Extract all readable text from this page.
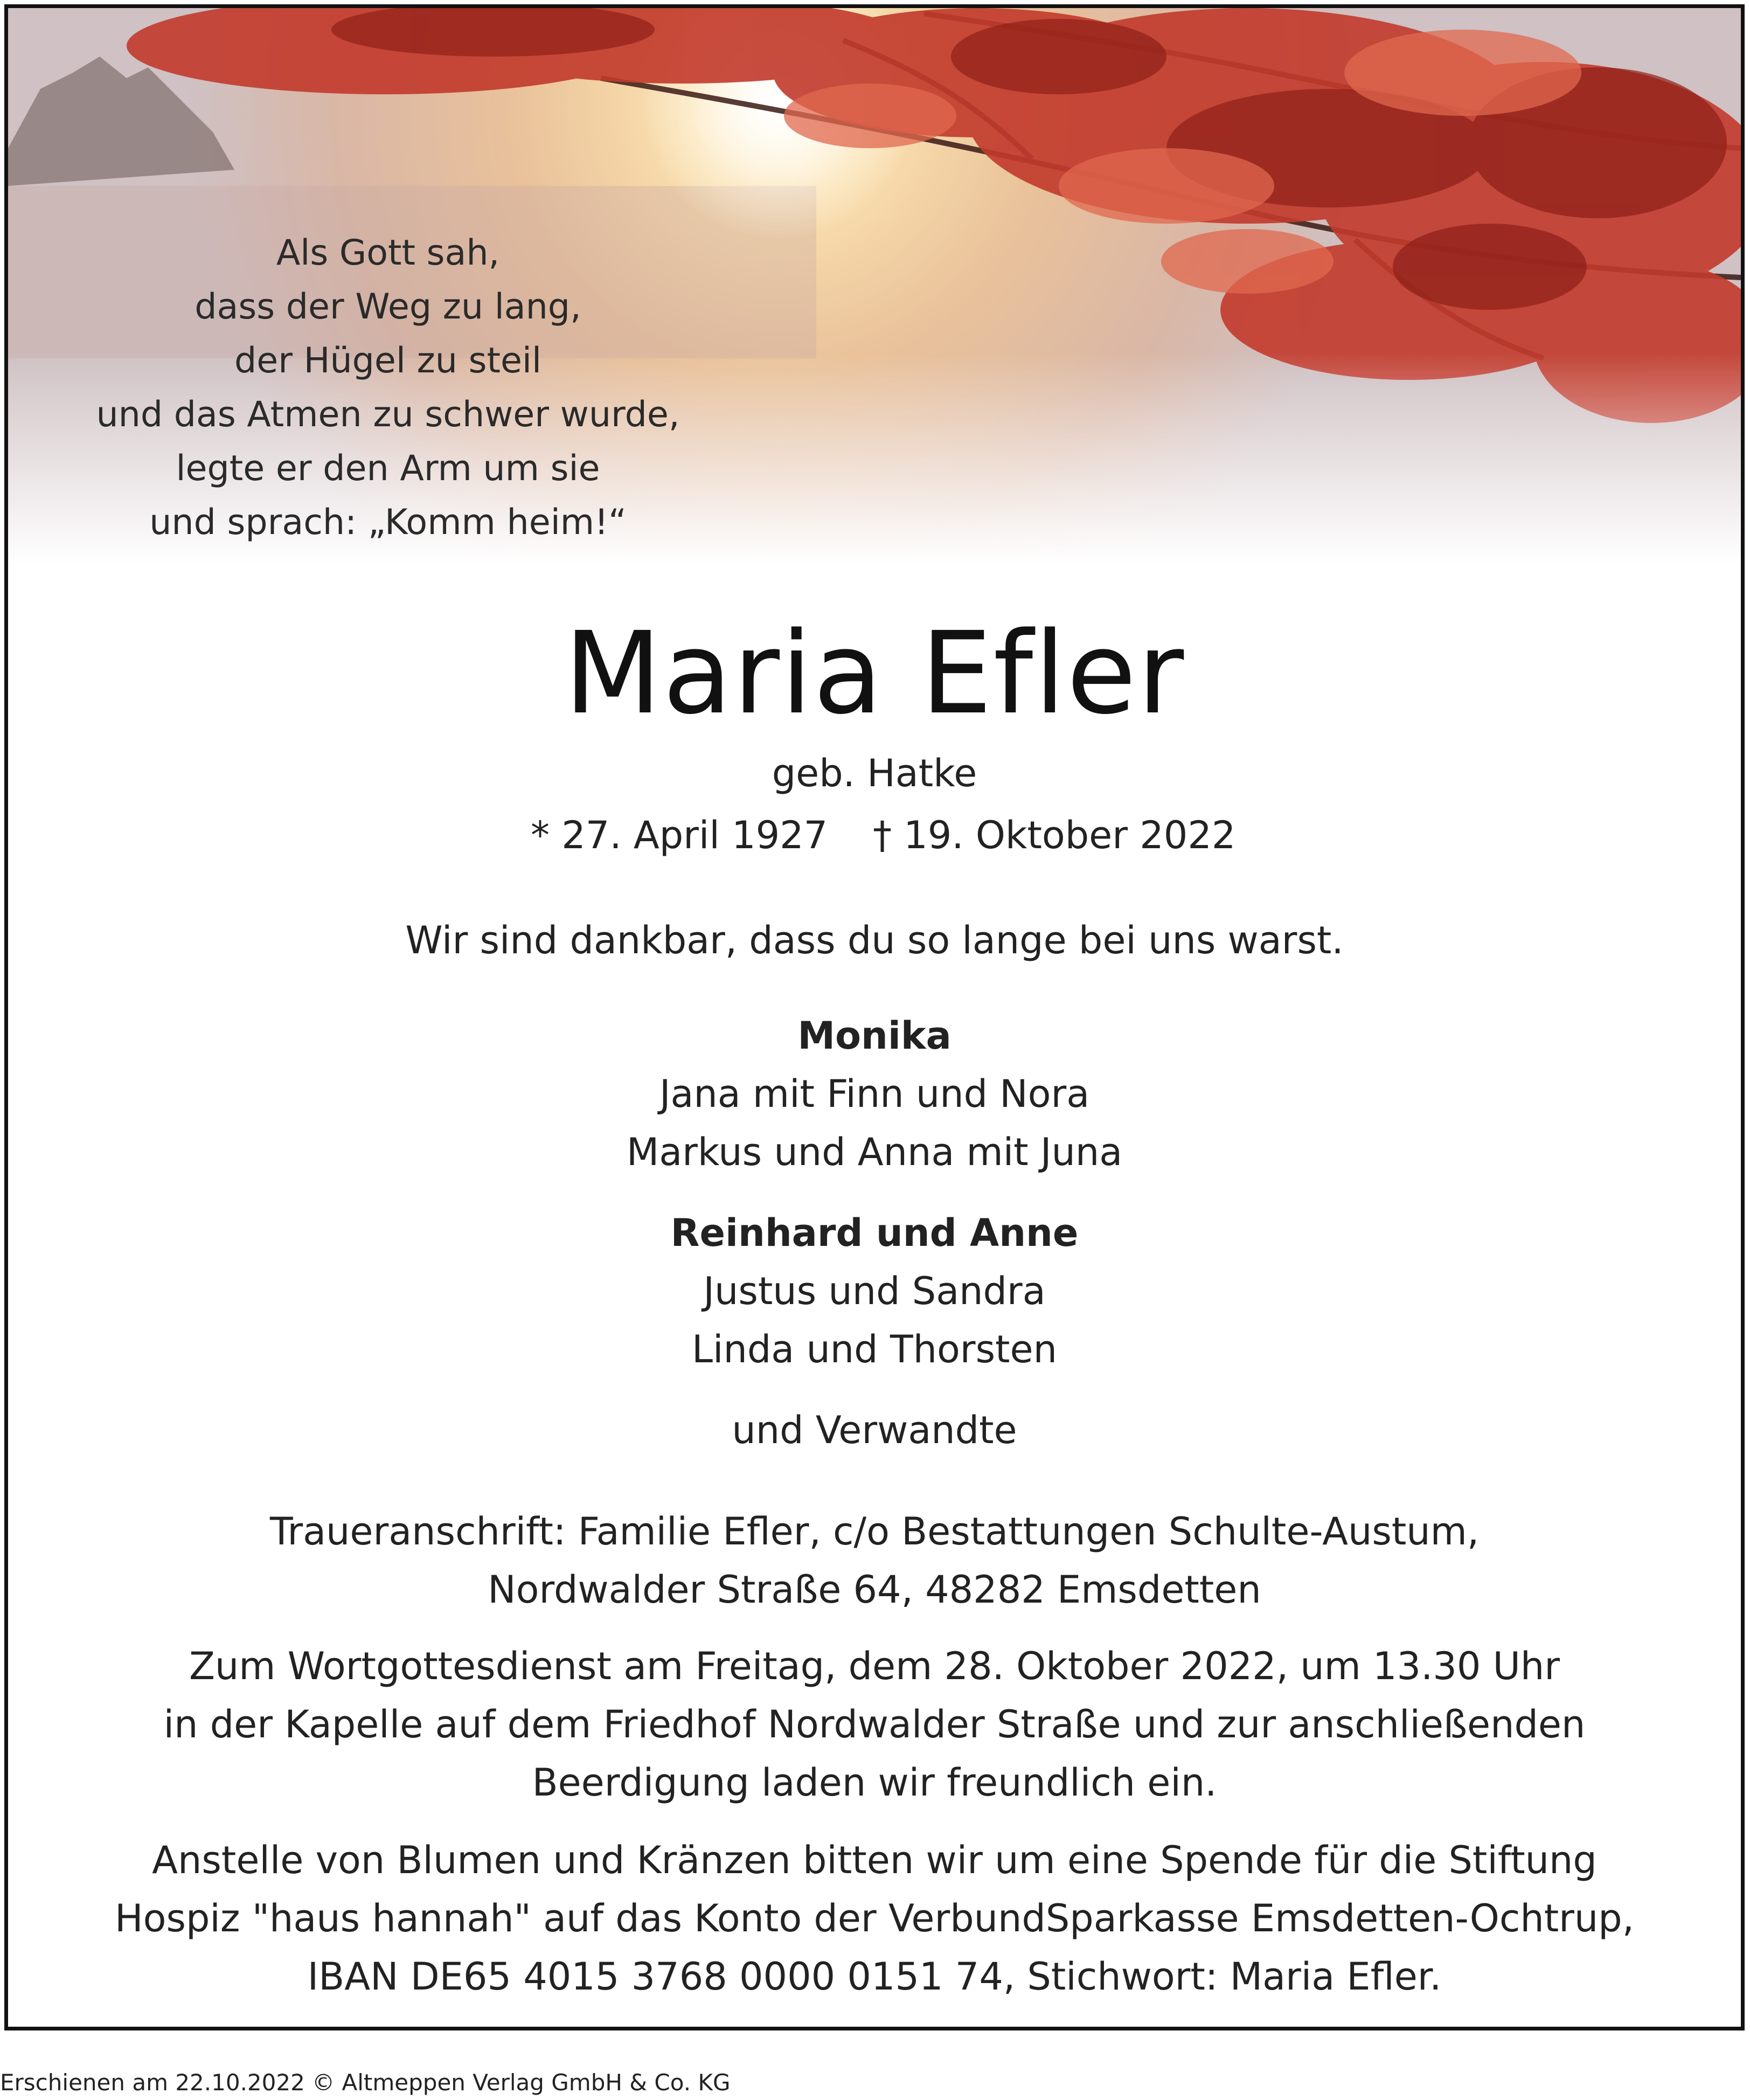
Als Gott sah,
dass der Weg zu lang,
der Hügel zu steil
und das Atmen zu schwer wurde,
legte er den Arm um sie
und sprach: „Komm heim!“
Maria Efler
geb. Hatke
* 27. April 1927 † 19. Oktober 2022
Wir sind dankbar, dass du so lange bei uns warst.
Monika
Jana mit Finn und Nora
Markus und Anna mit Juna
Reinhard und Anne
Justus und Sandra
Linda und Thorsten
und Verwandte
Traueranschrift: Familie Efler, c/o Bestattungen Schulte-Austum,
Nordwalder Straße 64, 48282 Emsdetten
Zum Wortgottesdienst am Freitag, dem 28. Oktober 2022, um 13.30 Uhr
in der Kapelle auf dem Friedhof Nordwalder Straße und zur anschließenden
Beerdigung laden wir freundlich ein.
Anstelle von Blumen und Kränzen bitten wir um eine Spende für die Stiftung
Hospiz "haus hannah" auf das Konto der VerbundSparkasse Emsdetten-Ochtrup,
IBAN DE65 4015 3768 0000 0151 74, Stichwort: Maria Efler.
Erschienen am 22.10.2022 © Altmeppen Verlag GmbH & Co. KG
